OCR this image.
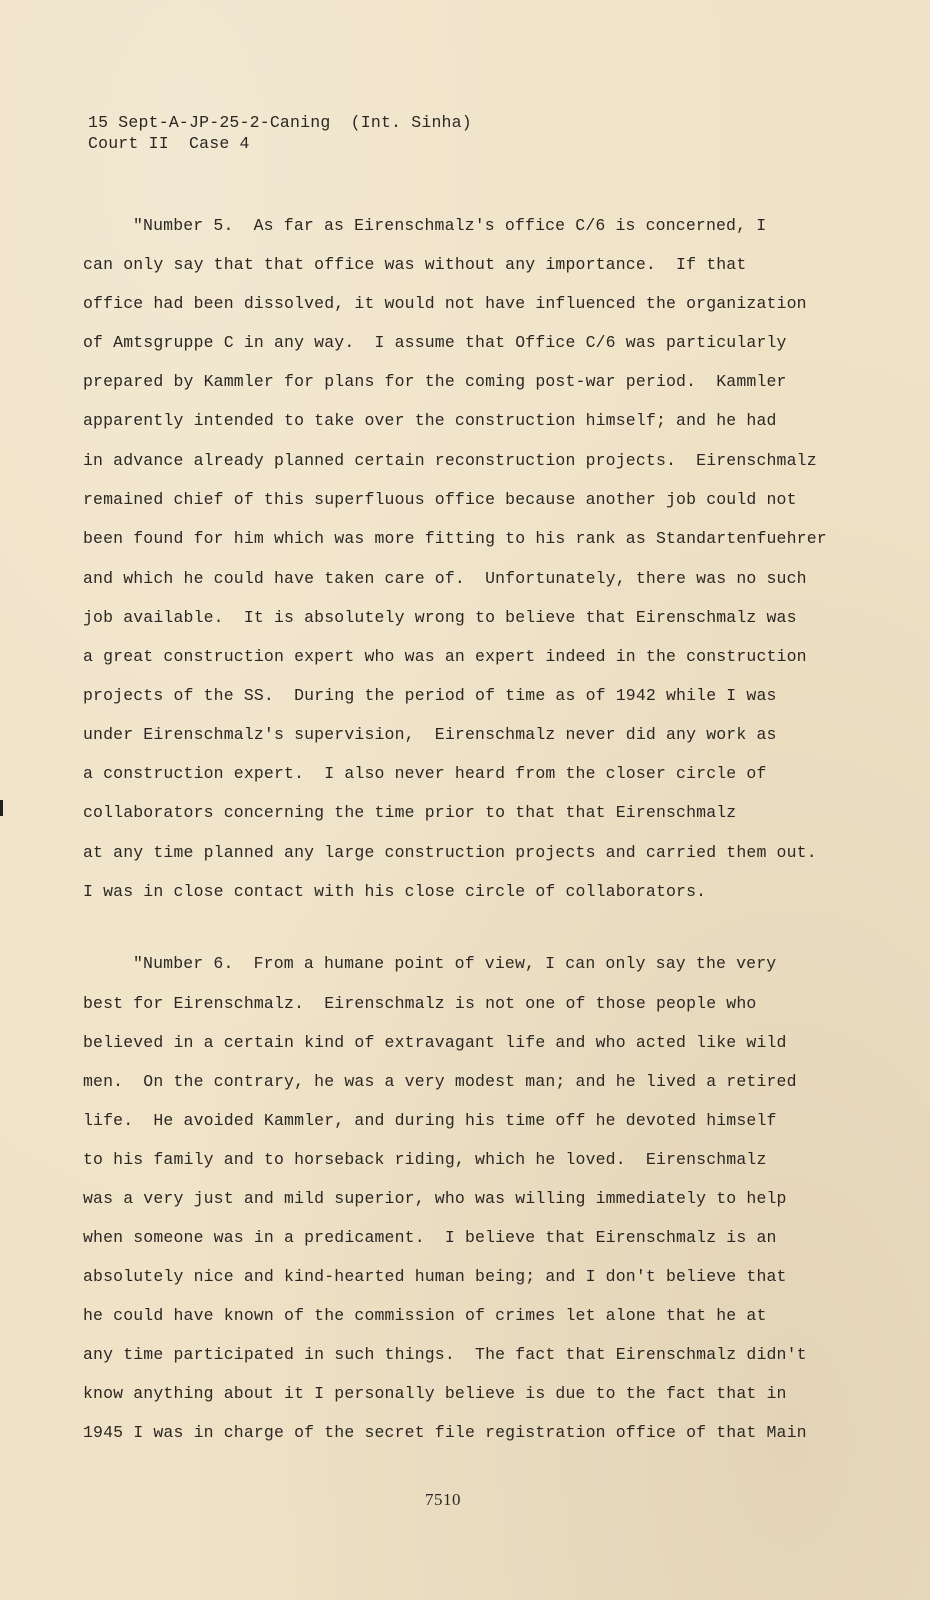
15 Sept-A-JP-25-2-Caning  (Int. Sinha)
Court II  Case 4
"Number 5.  As far as Eirenschmalz's office C/6 is concerned, I
can only say that that office was without any importance.  If that
office had been dissolved, it would not have influenced the organization
of Amtsgruppe C in any way.  I assume that Office C/6 was particularly
prepared by Kammler for plans for the coming post-war period.  Kammler
apparently intended to take over the construction himself; and he had
in advance already planned certain reconstruction projects.  Eirenschmalz
remained chief of this superfluous office because another job could not
been found for him which was more fitting to his rank as Standartenfuehrer
and which he could have taken care of.  Unfortunately, there was no such
job available.  It is absolutely wrong to believe that Eirenschmalz was
a great construction expert who was an expert indeed in the construction
projects of the SS.  During the period of time as of 1942 while I was
under Eirenschmalz's supervision,  Eirenschmalz never did any work as
a construction expert.  I also never heard from the closer circle of
collaborators concerning the time prior to that that Eirenschmalz
at any time planned any large construction projects and carried them out.
I was in close contact with his close circle of collaborators.
"Number 6.  From a humane point of view, I can only say the very
best for Eirenschmalz.  Eirenschmalz is not one of those people who
believed in a certain kind of extravagant life and who acted like wild
men.  On the contrary, he was a very modest man; and he lived a retired
life.  He avoided Kammler, and during his time off he devoted himself
to his family and to horseback riding, which he loved.  Eirenschmalz
was a very just and mild superior, who was willing immediately to help
when someone was in a predicament.  I believe that Eirenschmalz is an
absolutely nice and kind-hearted human being; and I don't believe that
he could have known of the commission of crimes let alone that he at
any time participated in such things.  The fact that Eirenschmalz didn't
know anything about it I personally believe is due to the fact that in
1945 I was in charge of the secret file registration office of that Main
7510
